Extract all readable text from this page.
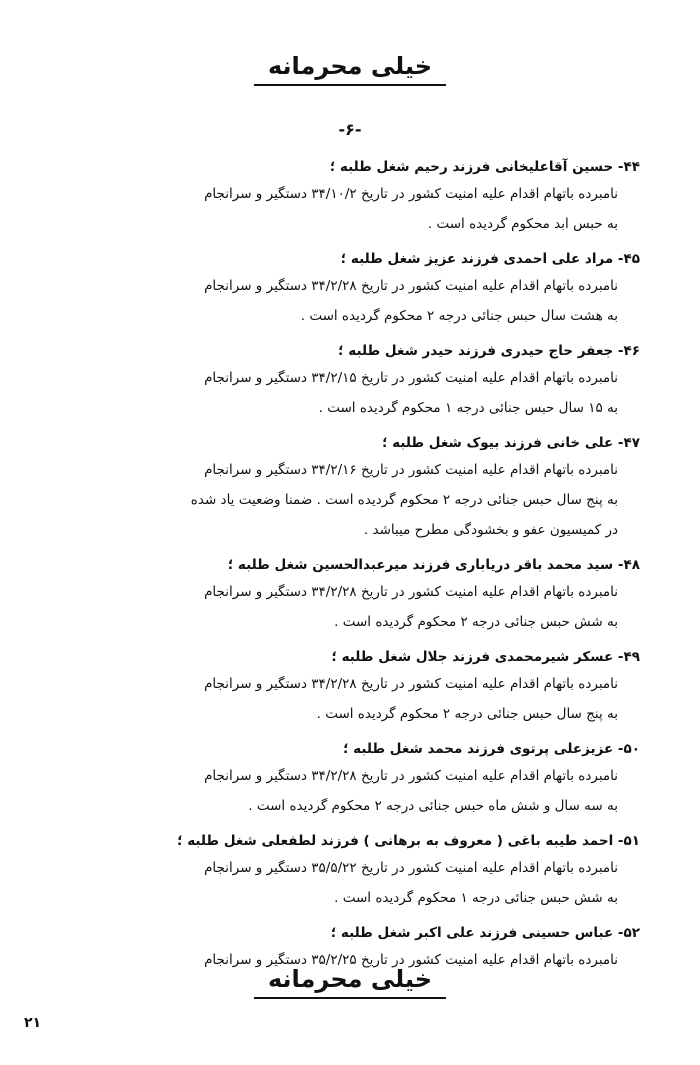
خیلی محرمانه
-۶-
۴۴- حسین آقاعلیخانی فرزند رحیم شغل طلبه ؛
نامبرده باتهام اقدام علیه امنیت کشور در تاریخ ۳۴/۱۰/۲ دستگیر و سرانجام
به حبس ابد محکوم گردیده است .
۴۵- مراد علی احمدی فرزند عزیز شغل طلبه ؛
نامبرده باتهام اقدام علیه امنیت کشور در تاریخ ۳۴/۲/۲۸ دستگیر و سرانجام
به هشت سال حبس جنائی درجه ۲ محکوم گردیده است .
۴۶- جعفر حاج حیدری فرزند حیدر شغل طلبه ؛
نامبرده باتهام اقدام علیه امنیت کشور در تاریخ ۳۴/۲/۱۵ دستگیر و سرانجام
به ۱۵ سال حبس جنائی درجه ۱ محکوم گردیده است .
۴۷- علی خانی فرزند بیوک شغل طلبه ؛
نامبرده باتهام اقدام علیه امنیت کشور در تاریخ ۳۴/۲/۱۶ دستگیر و سرانجام
به پنج سال حبس جنائی درجه ۲ محکوم گردیده است . ضمنا وضعیت یاد شده
در کمیسیون عفو و بخشودگی مطرح میباشد .
۴۸- سید محمد باقر دریاباری فرزند میرعبدالحسین شغل طلبه ؛
نامبرده باتهام اقدام علیه امنیت کشور در تاریخ ۳۴/۲/۲۸ دستگیر و سرانجام
به شش حبس جنائی درجه ۲ محکوم گردیده است .
۴۹- عسکر شیرمحمدی فرزند جلال شغل طلبه ؛
نامبرده باتهام اقدام علیه امنیت کشور در تاریخ ۳۴/۲/۲۸ دستگیر و سرانجام
به پنج سال حبس جنائی درجه ۲ محکوم گردیده است .
۵۰- عزیزعلی پرتوی فرزند محمد شغل طلبه ؛
نامبرده باتهام اقدام علیه امنیت کشور در تاریخ ۳۴/۲/۲۸ دستگیر و سرانجام
به سه سال و شش ماه حبس جنائی درجه ۲ محکوم گردیده است .
۵۱- احمد طیبه باغی ( معروف به برهانی ) فرزند لطفعلی شغل طلبه ؛
نامبرده باتهام اقدام علیه امنیت کشور در تاریخ ۳۵/۵/۲۲ دستگیر و سرانجام
به شش حبس جنائی درجه ۱ محکوم گردیده است .
۵۲- عباس حسینی فرزند علی اکبر شغل طلبه ؛
نامبرده باتهام اقدام علیه امنیت کشور در تاریخ ۳۵/۲/۲۵ دستگیر و سرانجام
خیلی محرمانه
۲۱
